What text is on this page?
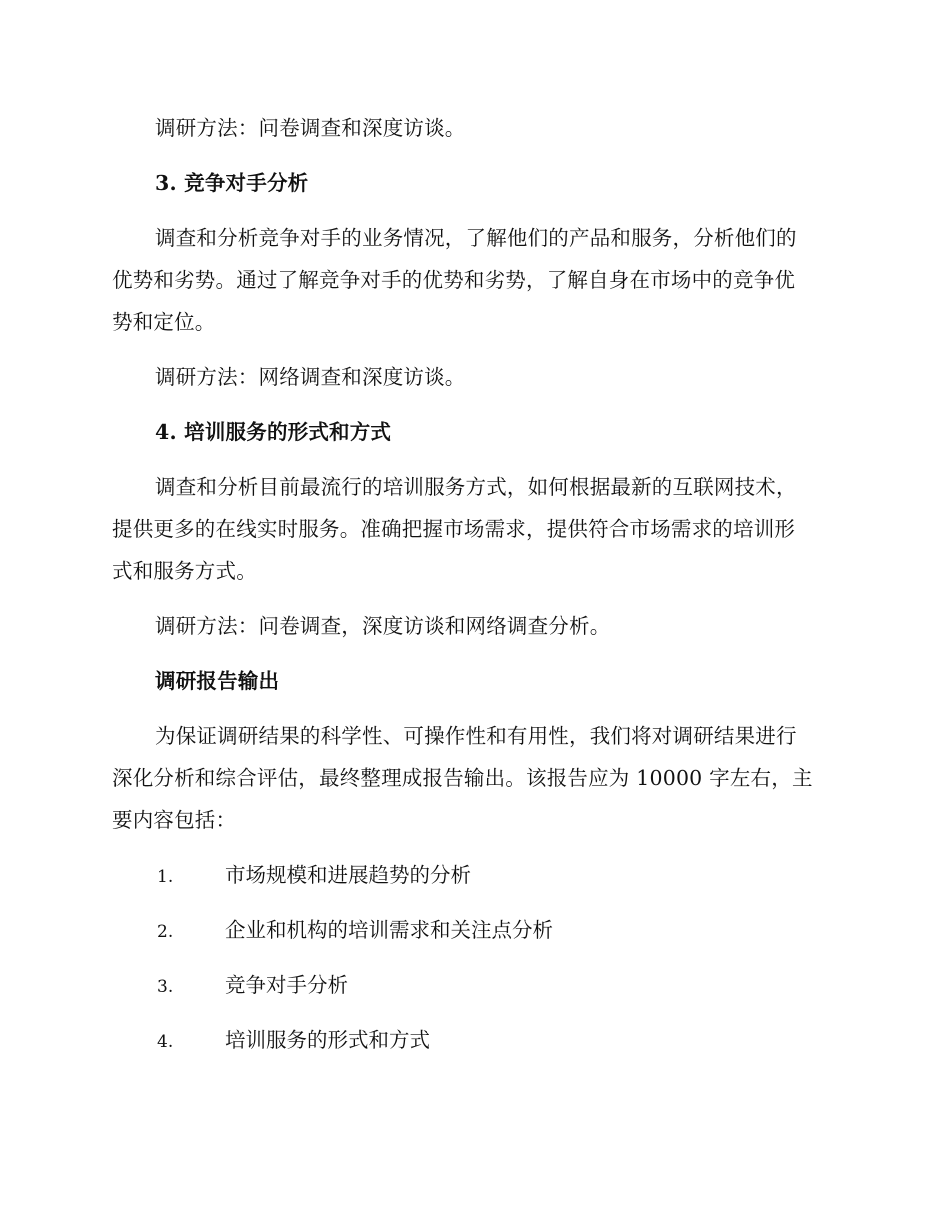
调研方法：问卷调查和深度访谈。
3. 竞争对手分析
调查和分析竞争对手的业务情况，了解他们的产品和服务，分析他们的
优势和劣势。通过了解竞争对手的优势和劣势，了解自身在市场中的竞争优
势和定位。
调研方法：网络调查和深度访谈。
4. 培训服务的形式和方式
调查和分析目前最流行的培训服务方式，如何根据最新的互联网技术，
提供更多的在线实时服务。准确把握市场需求，提供符合市场需求的培训形
式和服务方式。
调研方法：问卷调查，深度访谈和网络调查分析。
调研报告输出
为保证调研结果的科学性、可操作性和有用性，我们将对调研结果进行
深化分析和综合评估，最终整理成报告输出。该报告应为 10000 字左右，主
要内容包括：
1.	市场规模和进展趋势的分析
2.	企业和机构的培训需求和关注点分析
3.	竞争对手分析
4.	培训服务的形式和方式
